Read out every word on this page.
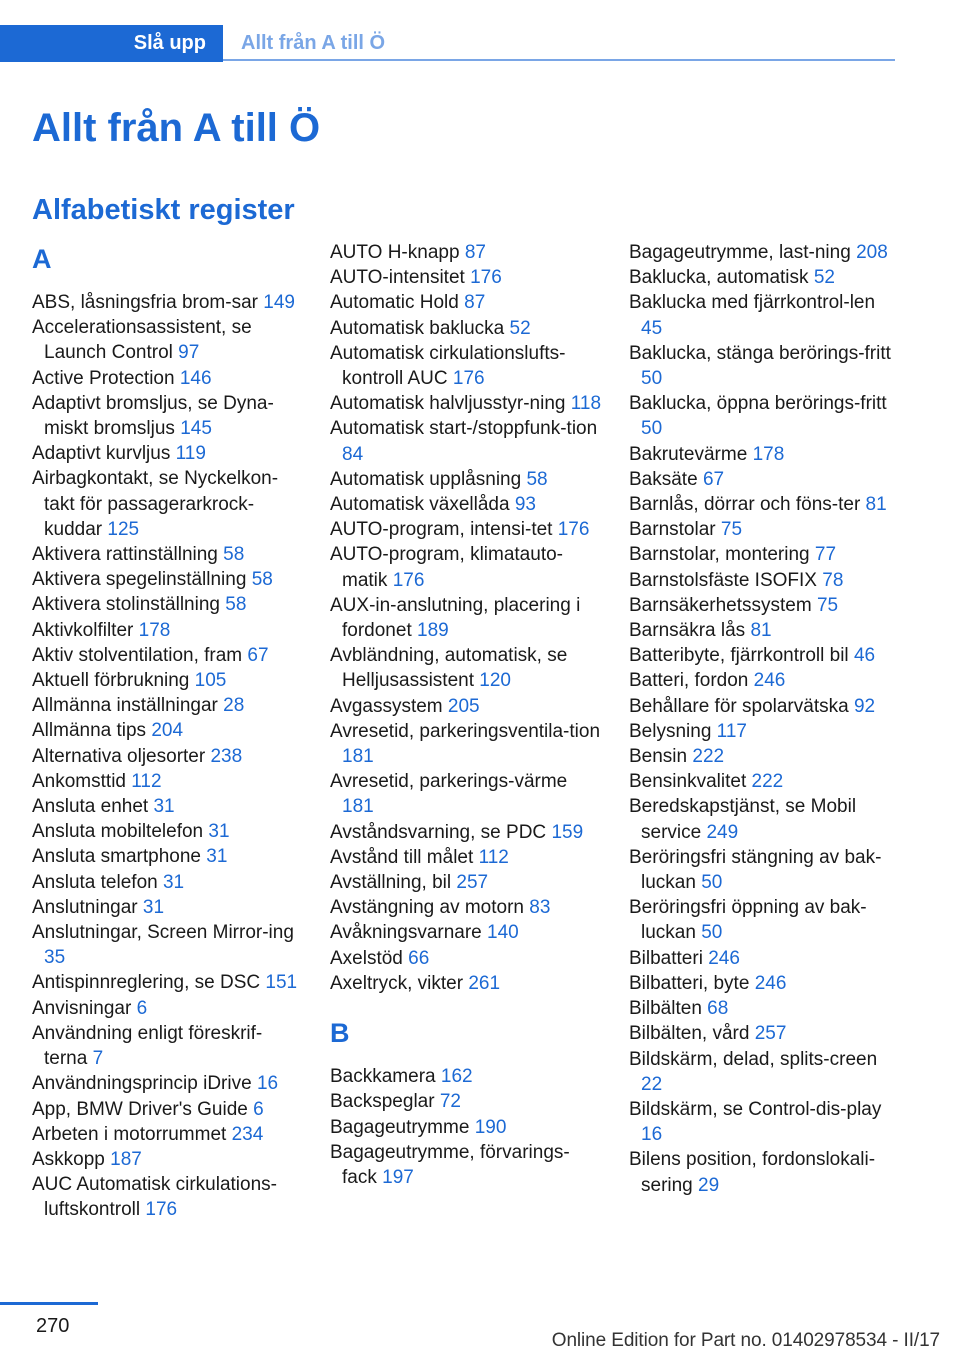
Slå upp	Allt från A till Ö
Allt från A till Ö
Alfabetiskt register
A
ABS, låsningsfria brom‐sar 149
Accelerationsassistent, se Launch Control 97
Active Protection 146
Adaptivt bromsljus, se Dyna‐miskt bromsljus 145
Adaptivt kurvljus 119
Airbagkontakt, se Nyckelkon‐takt för passagerarkrock‐kuddar 125
Aktivera rattinställning 58
Aktivera spegelinställning 58
Aktivera stolinställning 58
Aktivkolfilter 178
Aktiv stolventilation, fram 67
Aktuell förbrukning 105
Allmänna inställningar 28
Allmänna tips 204
Alternativa oljesorter 238
Ankomsttid 112
Ansluta enhet 31
Ansluta mobiltelefon 31
Ansluta smartphone 31
Ansluta telefon 31
Anslutningar 31
Anslutningar, Screen Mirror‐ing 35
Antispinnreglering, se DSC 151
Anvisningar 6
Användning enligt föreskrif‐terna 7
Användningsprincip iDrive 16
App, BMW Driver's Guide 6
Arbeten i motorrummet 234
Askkopp 187
AUC Automatisk cirkulations‐luftskontroll 176
AUTO H-knapp 87
AUTO-intensitet 176
Automatic Hold 87
Automatisk baklucka 52
Automatisk cirkulationslufts‐kontroll AUC 176
Automatisk halvljusstyr‐ning 118
Automatisk start-/stoppfunk‐tion 84
Automatisk upplåsning 58
Automatisk växellåda 93
AUTO-program, intensi‐tet 176
AUTO-program, klimatauto‐matik 176
AUX-in-anslutning, placering i fordonet 189
Avbländning, automatisk, se Helljusassistent 120
Avgassystem 205
Avresetid, parkeringsventila‐tion 181
Avresetid, parkerings‐värme 181
Avståndsvarning, se PDC 159
Avstånd till målet 112
Avställning, bil 257
Avstängning av motorn 83
Avåkningsvarnare 140
Axelstöd 66
Axeltryck, vikter 261
B
Backkamera 162
Backspeglar 72
Bagageutrymme 190
Bagageutrymme, förvarings‐fack 197
Bagageutrymme, last‐ning 208
Baklucka, automatisk 52
Baklucka med fjärrkontrol‐len 45
Baklucka, stänga berörings‐fritt 50
Baklucka, öppna berörings‐fritt 50
Bakrutevärme 178
Baksäte 67
Barnlås, dörrar och föns‐ter 81
Barnstolar 75
Barnstolar, montering 77
Barnstolsfäste ISOFIX 78
Barnsäkerhetssystem 75
Barnsäkra lås 81
Batteribyte, fjärrkontroll bil 46
Batteri, fordon 246
Behållare för spolarvätska 92
Belysning 117
Bensin 222
Bensinkvalitet 222
Beredskapstjänst, se Mobil service 249
Beröringsfri stängning av bak‐luckan 50
Beröringsfri öppning av bak‐luckan 50
Bilbatteri 246
Bilbatteri, byte 246
Bilbälten 68
Bilbälten, vård 257
Bildskärm, delad, splits‐creen 22
Bildskärm, se Control-dis‐play 16
Bilens position, fordonslokali‐sering 29
270
Online Edition for Part no. 01402978534 - II/17
